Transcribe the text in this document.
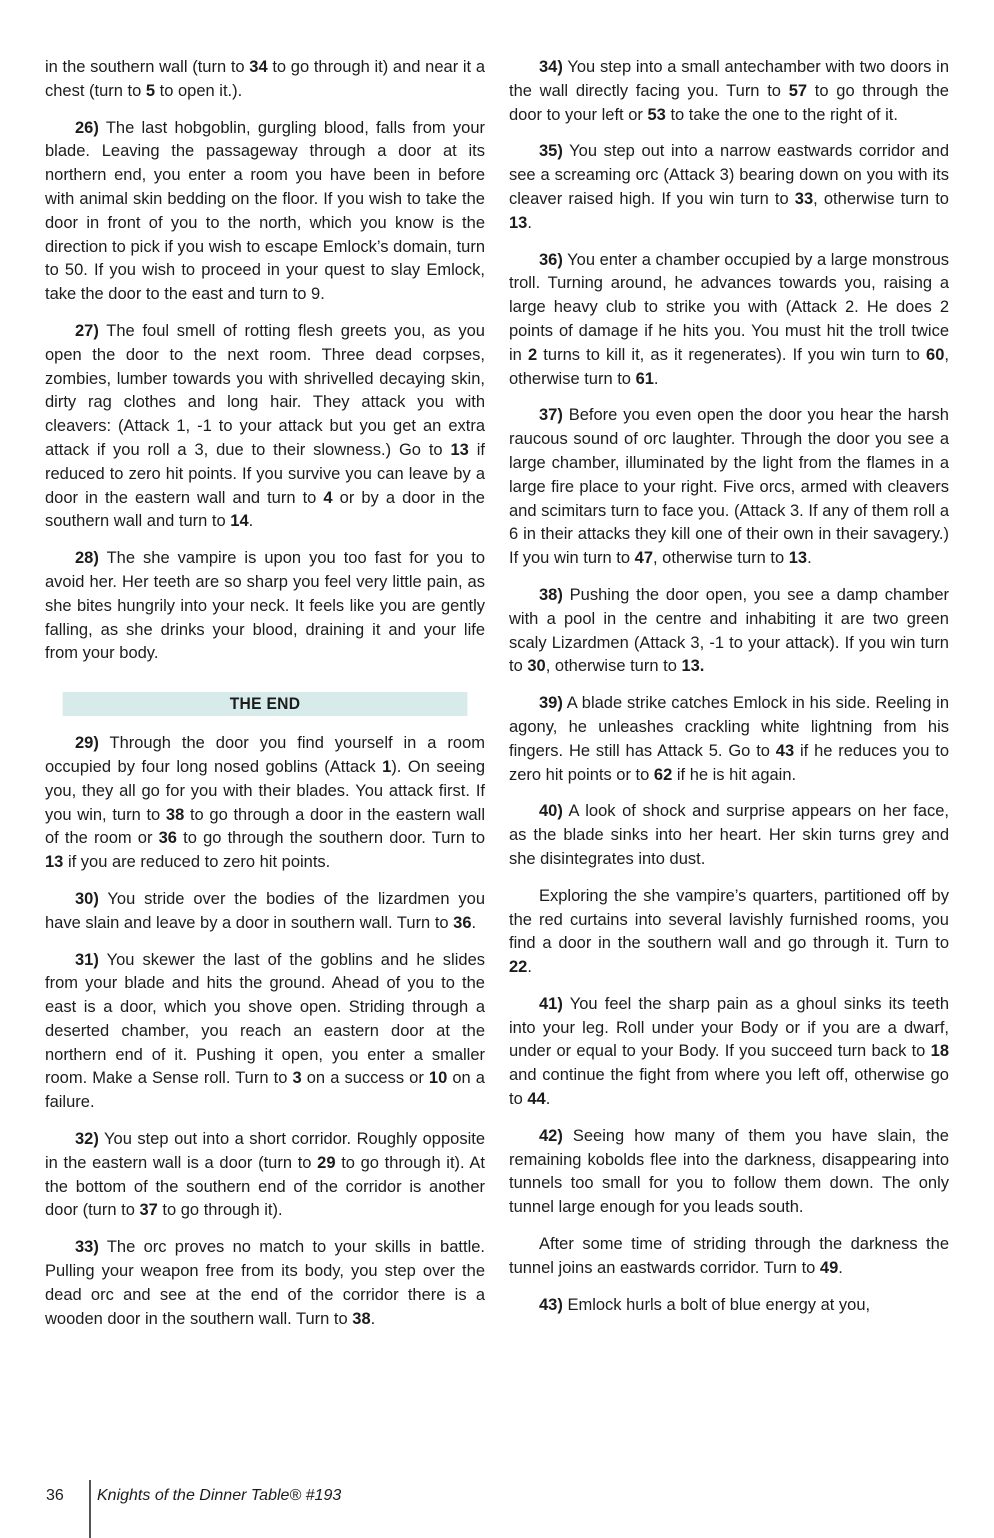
in the southern wall (turn to 34 to go through it) and near it a chest (turn to 5 to open it.).

26) The last hobgoblin, gurgling blood, falls from your blade. Leaving the passageway through a door at its northern end, you enter a room you have been in before with animal skin bedding on the floor. If you wish to take the door in front of you to the north, which you know is the direction to pick if you wish to escape Emlock’s domain, turn to 50. If you wish to proceed in your quest to slay Emlock, take the door to the east and turn to 9.

27) The foul smell of rotting flesh greets you, as you open the door to the next room. Three dead corpses, zombies, lumber towards you with shrivelled decaying skin, dirty rag clothes and long hair. They attack you with cleavers: (Attack 1, -1 to your attack but you get an extra attack if you roll a 3, due to their slowness.) Go to 13 if reduced to zero hit points. If you survive you can leave by a door in the eastern wall and turn to 4 or by a door in the southern wall and turn to 14.

28) The she vampire is upon you too fast for you to avoid her. Her teeth are so sharp you feel very little pain, as she bites hungrily into your neck. It feels like you are gently falling, as she drinks your blood, draining it and your life from your body.

THE END

29) Through the door you find yourself in a room occupied by four long nosed goblins (Attack 1). On seeing you, they all go for you with their blades. You attack first. If you win, turn to 38 to go through a door in the eastern wall of the room or 36 to go through the southern door. Turn to 13 if you are reduced to zero hit points.

30) You stride over the bodies of the lizardmen you have slain and leave by a door in southern wall. Turn to 36.

31) You skewer the last of the goblins and he slides from your blade and hits the ground. Ahead of you to the east is a door, which you shove open. Striding through a deserted chamber, you reach an eastern door at the northern end of it. Pushing it open, you enter a smaller room. Make a Sense roll. Turn to 3 on a success or 10 on a failure.

32) You step out into a short corridor. Roughly opposite in the eastern wall is a door (turn to 29 to go through it). At the bottom of the southern end of the corridor is another door (turn to 37 to go through it).

33) The orc proves no match to your skills in battle. Pulling your weapon free from its body, you step over the dead orc and see at the end of the corridor there is a wooden door in the southern wall. Turn to 38.

34) You step into a small antechamber with two doors in the wall directly facing you. Turn to 57 to go through the door to your left or 53 to take the one to the right of it.

35) You step out into a narrow eastwards corridor and see a screaming orc (Attack 3) bearing down on you with its cleaver raised high. If you win turn to 33, otherwise turn to 13.

36) You enter a chamber occupied by a large monstrous troll. Turning around, he advances towards you, raising a large heavy club to strike you with (Attack 2. He does 2 points of damage if he hits you. You must hit the troll twice in 2 turns to kill it, as it regenerates). If you win turn to 60, otherwise turn to 61.

37) Before you even open the door you hear the harsh raucous sound of orc laughter. Through the door you see a large chamber, illuminated by the light from the flames in a large fire place to your right. Five orcs, armed with cleavers and scimitars turn to face you. (Attack 3. If any of them roll a 6 in their attacks they kill one of their own in their savagery.) If you win turn to 47, otherwise turn to 13.

38) Pushing the door open, you see a damp chamber with a pool in the centre and inhabiting it are two green scaly Lizardmen (Attack 3, -1 to your attack). If you win turn to 30, otherwise turn to 13.

39) A blade strike catches Emlock in his side. Reeling in agony, he unleashes crackling white lightning from his fingers. He still has Attack 5. Go to 43 if he reduces you to zero hit points or to 62 if he is hit again.

40) A look of shock and surprise appears on her face, as the blade sinks into her heart. Her skin turns grey and she disintegrates into dust.

Exploring the she vampire’s quarters, partitioned off by the red curtains into several lavishly furnished rooms, you find a door in the southern wall and go through it. Turn to 22.

41) You feel the sharp pain as a ghoul sinks its teeth into your leg. Roll under your Body or if you are a dwarf, under or equal to your Body. If you succeed turn back to 18 and continue the fight from where you left off, otherwise go to 44.

42) Seeing how many of them you have slain, the remaining kobolds flee into the darkness, disappearing into tunnels too small for you to follow them down. The only tunnel large enough for you leads south.

After some time of striding through the darkness the tunnel joins an eastwards corridor. Turn to 49.

43) Emlock hurls a bolt of blue energy at you,

36 Knights of the Dinner Table® #193
